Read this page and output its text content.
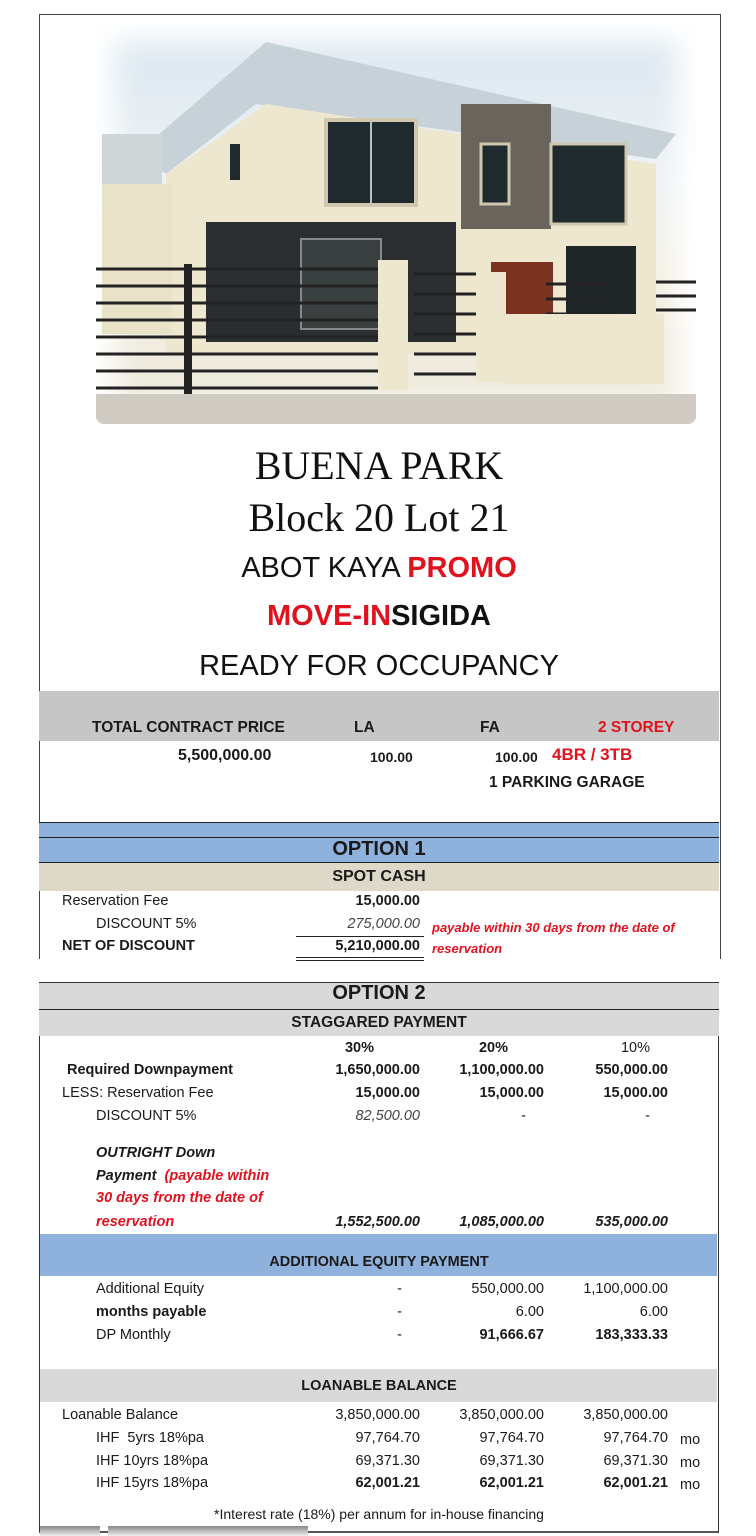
BUENA PARK
Block 20 Lot 21
ABOT KAYA PROMO
MOVE-INSIGIDA
READY FOR OCCUPANCY
TOTAL CONTRACT PRICE	LA	FA	2 STOREY
5,500,000.00	100.00	100.00 4BR / 3TB
1 PARKING GARAGE
OPTION 1
SPOT CASH
Reservation Fee	15,000.00
DISCOUNT 5%	275,000.00
NET OF DISCOUNT	5,210,000.00
payable within 30 days from the date of
reservation
OPTION 2
STAGGARED PAYMENT
30%	20%	10%
Required Downpayment	1,650,000.00	1,100,000.00	550,000.00
LESS: Reservation Fee	15,000.00	15,000.00	15,000.00
DISCOUNT 5%	82,500.00	-	-
OUTRIGHT Down
Payment (payable within
30 days from the date of
reservation	1,552,500.00	1,085,000.00	535,000.00
ADDITIONAL EQUITY PAYMENT
Additional Equity	-	550,000.00	1,100,000.00
months payable	-	6.00	6.00
DP Monthly	-	91,666.67	183,333.33
LOANABLE BALANCE
Loanable Balance	3,850,000.00	3,850,000.00	3,850,000.00
IHF  5yrs 18%pa	97,764.70	97,764.70	97,764.70 mo
IHF 10yrs 18%pa	69,371.30	69,371.30	69,371.30 mo
IHF 15yrs 18%pa	62,001.21	62,001.21	62,001.21 mo
*Interest rate (18%) per annum for in-house financing
